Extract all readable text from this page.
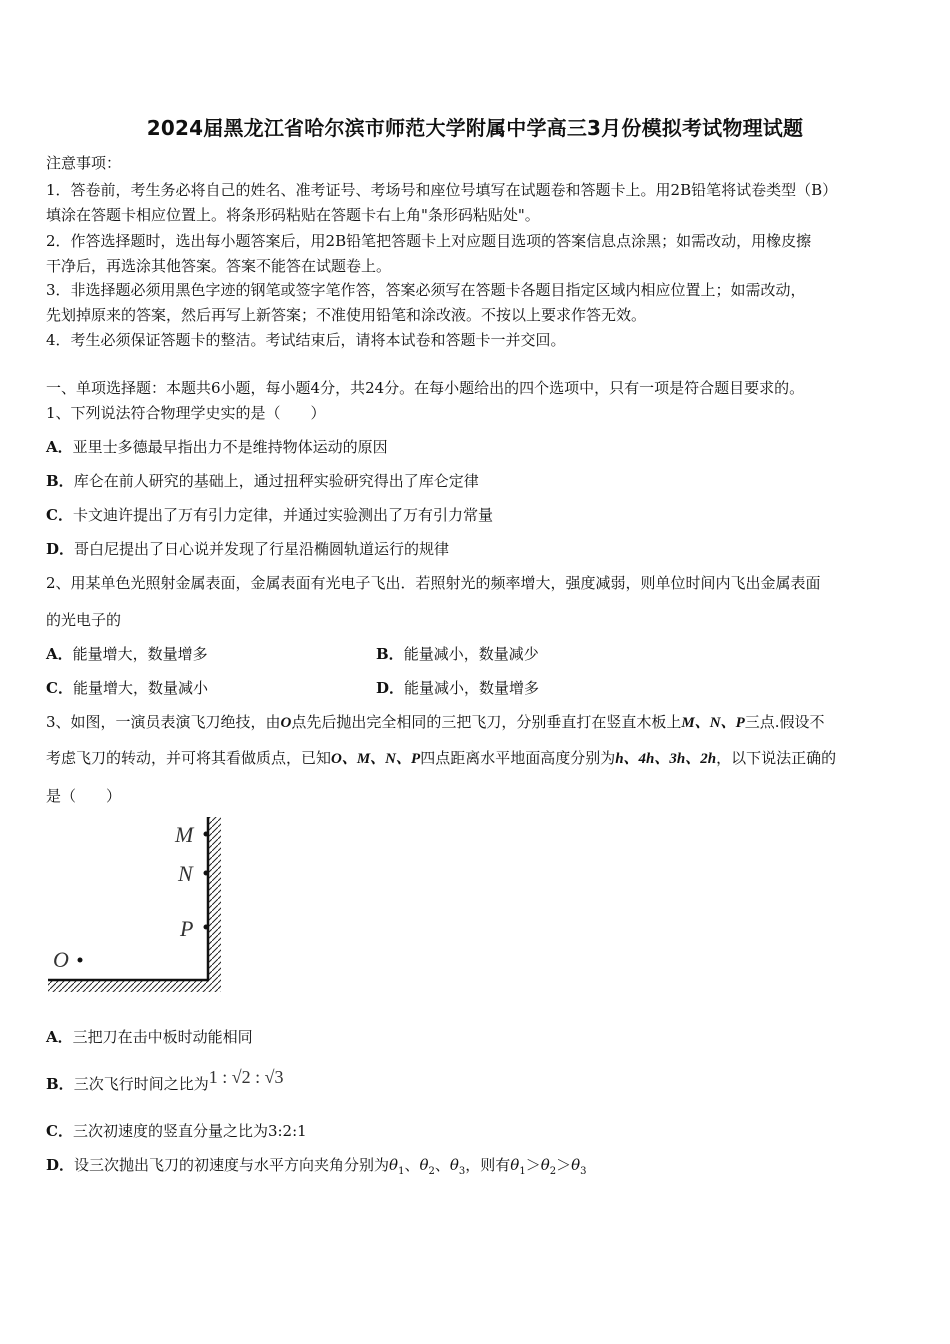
2024届黑龙江省哈尔滨市师范大学附属中学高三3月份模拟考试物理试题
注意事项：
1．答卷前，考生务必将自己的姓名、准考证号、考场号和座位号填写在试题卷和答题卡上。用2B铅笔将试卷类型（B）
填涂在答题卡相应位置上。将条形码粘贴在答题卡右上角"条形码粘贴处"。
2．作答选择题时，选出每小题答案后，用2B铅笔把答题卡上对应题目选项的答案信息点涂黑；如需改动，用橡皮擦
干净后，再选涂其他答案。答案不能答在试题卷上。
3．非选择题必须用黑色字迹的钢笔或签字笔作答，答案必须写在答题卡各题目指定区域内相应位置上；如需改动，
先划掉原来的答案，然后再写上新答案；不准使用铅笔和涂改液。不按以上要求作答无效。
4．考生必须保证答题卡的整洁。考试结束后，请将本试卷和答题卡一并交回。
一、单项选择题：本题共6小题，每小题4分，共24分。在每小题给出的四个选项中，只有一项是符合题目要求的。
1、下列说法符合物理学史实的是（　　）
A．亚里士多德最早指出力不是维持物体运动的原因
B．库仑在前人研究的基础上，通过扭秤实验研究得出了库仑定律
C．卡文迪许提出了万有引力定律，并通过实验测出了万有引力常量
D．哥白尼提出了日心说并发现了行星沿椭圆轨道运行的规律
2、用某单色光照射金属表面，金属表面有光电子飞出．若照射光的频率增大，强度减弱，则单位时间内飞出金属表面
的光电子的
A．能量增大，数量增多	B．能量减小，数量减少
C．能量增大，数量减小	D．能量减小，数量增多
3、如图，一演员表演飞刀绝技，由O点先后抛出完全相同的三把飞刀，分别垂直打在竖直木板上M、N、P三点.假设不
考虑飞刀的转动，并可将其看做质点，已知O、M、N、P四点距离水平地面高度分别为h、4h、3h、2h，以下说法正确的
是（　　）
M
N
P
O
A．三把刀在击中板时动能相同
B．三次飞行时间之比为1 : √2 : √3
C．三次初速度的竖直分量之比为3:2:1
D．设三次抛出飞刀的初速度与水平方向夹角分别为$\theta_1$、$\theta_2$、$\theta_3$，则有$\theta_1>\theta_2>\theta_3$
